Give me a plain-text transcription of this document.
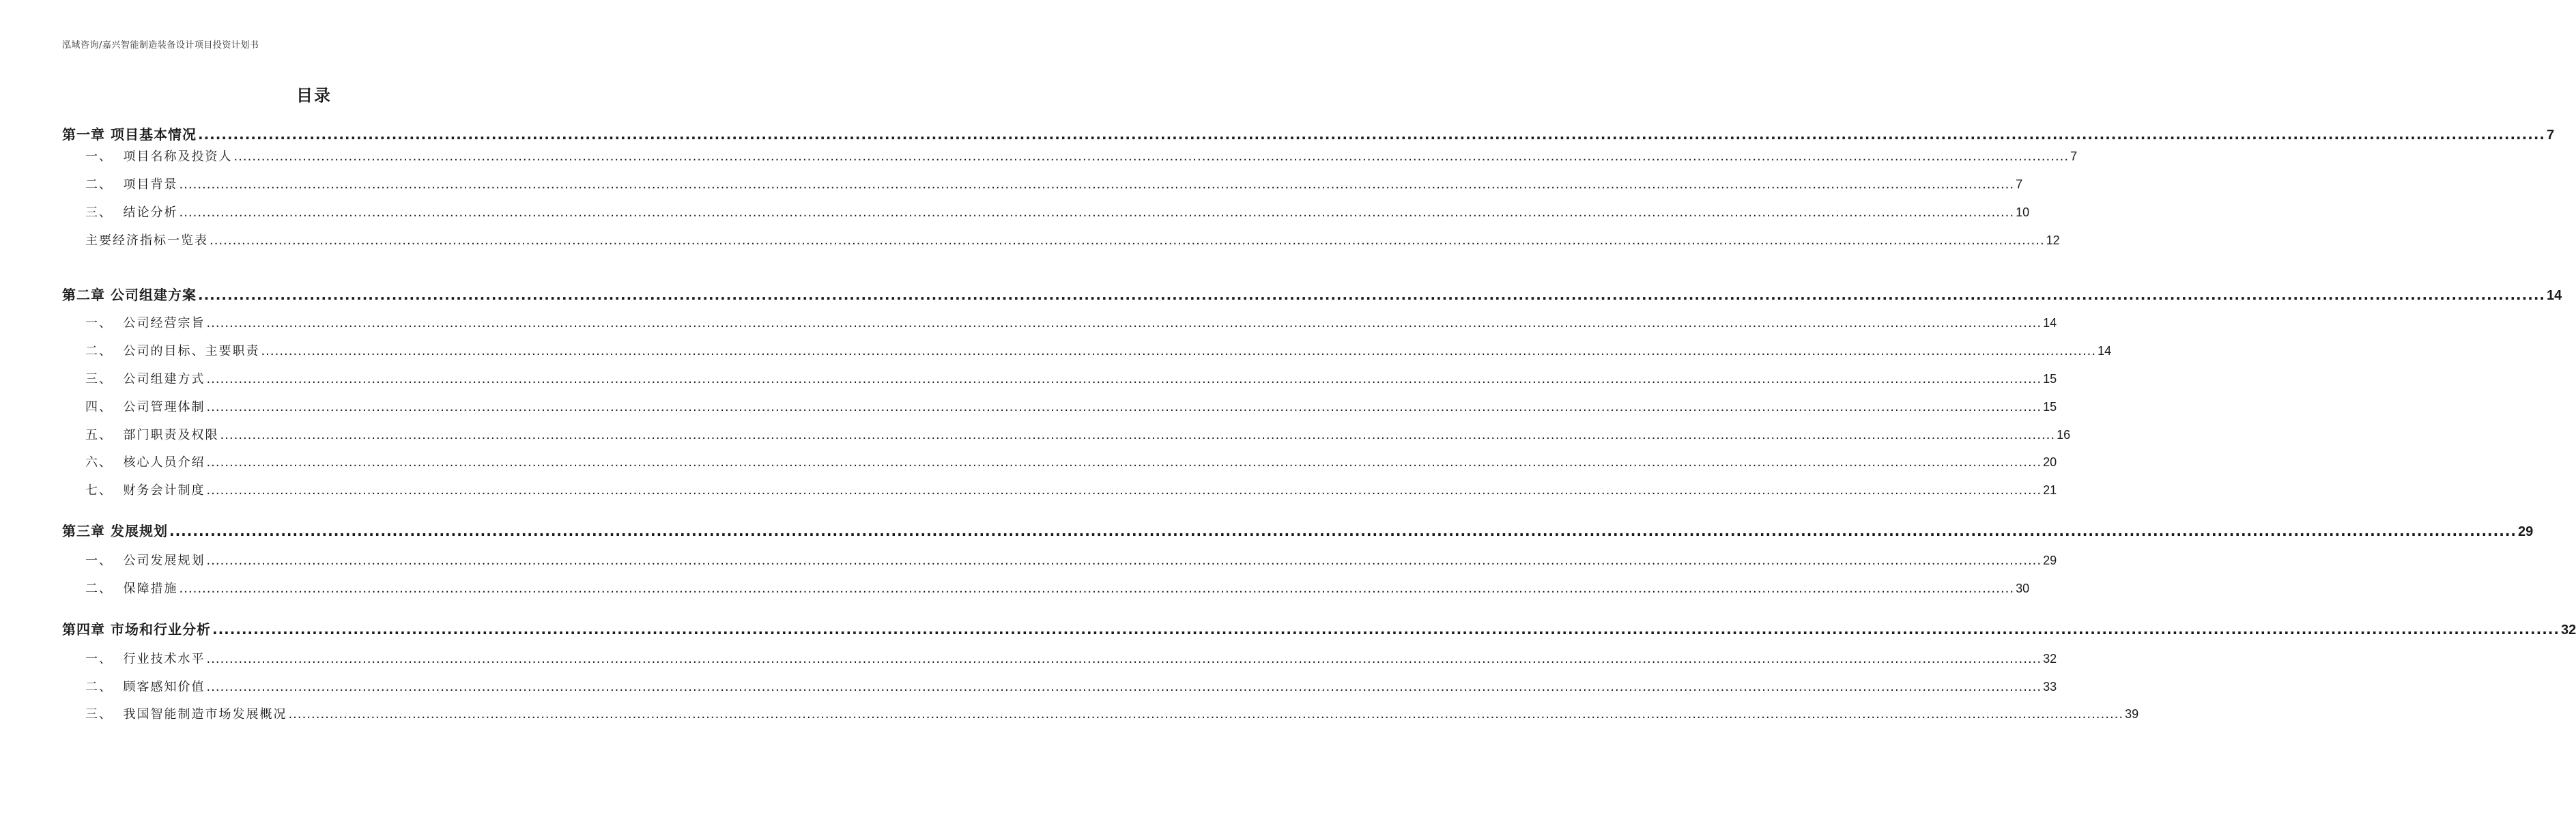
泓域咨询/嘉兴智能制造装备设计项目投资计划书
目录
第一章 项目基本情况 ................................................................................................................................................................................................................................................................................................................................................................................................................ 7
一、  项目名称及投资人 ................................................................................................................................................................................................................................................................................................................................................................................................................ 7
二、  项目背景 ................................................................................................................................................................................................................................................................................................................................................................................................................ 7
三、  结论分析 ................................................................................................................................................................................................................................................................................................................................................................................................................ 10
主要经济指标一览表 ................................................................................................................................................................................................................................................................................................................................................................................................................ 12
第二章 公司组建方案 ................................................................................................................................................................................................................................................................................................................................................................................................................ 14
一、  公司经营宗旨 ................................................................................................................................................................................................................................................................................................................................................................................................................ 14
二、  公司的目标、主要职责 ................................................................................................................................................................................................................................................................................................................................................................................................................ 14
三、  公司组建方式 ................................................................................................................................................................................................................................................................................................................................................................................................................ 15
四、  公司管理体制 ................................................................................................................................................................................................................................................................................................................................................................................................................ 15
五、  部门职责及权限 ................................................................................................................................................................................................................................................................................................................................................................................................................ 16
六、  核心人员介绍 ................................................................................................................................................................................................................................................................................................................................................................................................................ 20
七、  财务会计制度 ................................................................................................................................................................................................................................................................................................................................................................................................................ 21
第三章 发展规划 ................................................................................................................................................................................................................................................................................................................................................................................................................ 29
一、  公司发展规划 ................................................................................................................................................................................................................................................................................................................................................................................................................ 29
二、  保障措施 ................................................................................................................................................................................................................................................................................................................................................................................................................ 30
第四章 市场和行业分析 ................................................................................................................................................................................................................................................................................................................................................................................................................ 32
一、  行业技术水平 ................................................................................................................................................................................................................................................................................................................................................................................................................ 32
二、  顾客感知价值 ................................................................................................................................................................................................................................................................................................................................................................................................................ 33
三、  我国智能制造市场发展概况 ................................................................................................................................................................................................................................................................................................................................................................................................................ 39
